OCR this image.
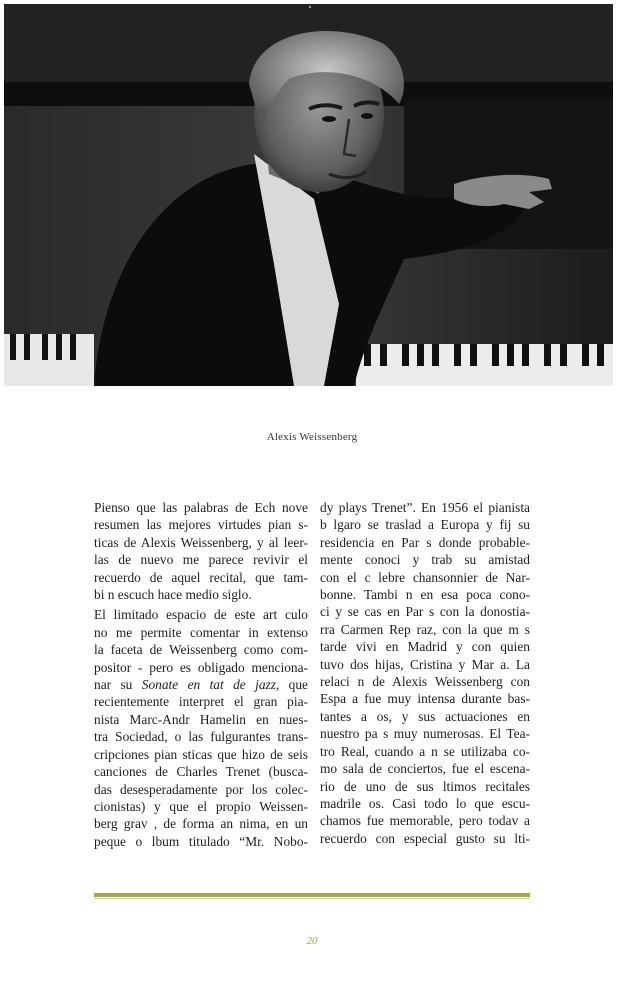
Alexis Weissenberg

Pienso que las palabras de Ech nove
resumen las mejores virtudes pian s-
ticas de Alexis Weissenberg, y al leer-
las de nuevo me parece revivir el
recuerdo de aquel recital, que tam-
bi n escuch hace medio siglo.

El limitado espacio de este art culo
no me permite comentar in extenso
la faceta de Weissenberg como com-
positor - pero es obligado menciona-
nar su Sonate en tat de jazz, que
recientemente interpret el gran pia-
nista Marc-Andr Hamelin en nues-
tra Sociedad, o las fulgurantes trans-
cripciones pian sticas que hizo de seis
canciones de Charles Trenet (busca-
das desesperadamente por los colec-
cionistas) y que el propio Weissen-
berg grav , de forma an nima, en un
peque o lbum titulado “Mr. Nobo-

dy plays Trenet”. En 1956 el pianista
b lgaro se traslad a Europa y fij su
residencia en Par s donde probable-
mente conoci y trab su amistad
con el c lebre chansonnier de Nar-
bonne. Tambi n en esa poca cono-
ci y se cas en Par s con la donostia-
rra Carmen Rep raz, con la que m s
tarde vivi en Madrid y con quien
tuvo dos hijas, Cristina y Mar a. La
relaci n de Alexis Weissenberg con
Espa a fue muy intensa durante bas-
tantes a os, y sus actuaciones en
nuestro pa s muy numerosas. El Tea-
tro Real, cuando a n se utilizaba co-
mo sala de conciertos, fue el escena-
rio de uno de sus ltimos recitales
madrile os. Casi todo lo que escu-
chamos fue memorable, pero todav a
recuerdo con especial gusto su lti-

20
